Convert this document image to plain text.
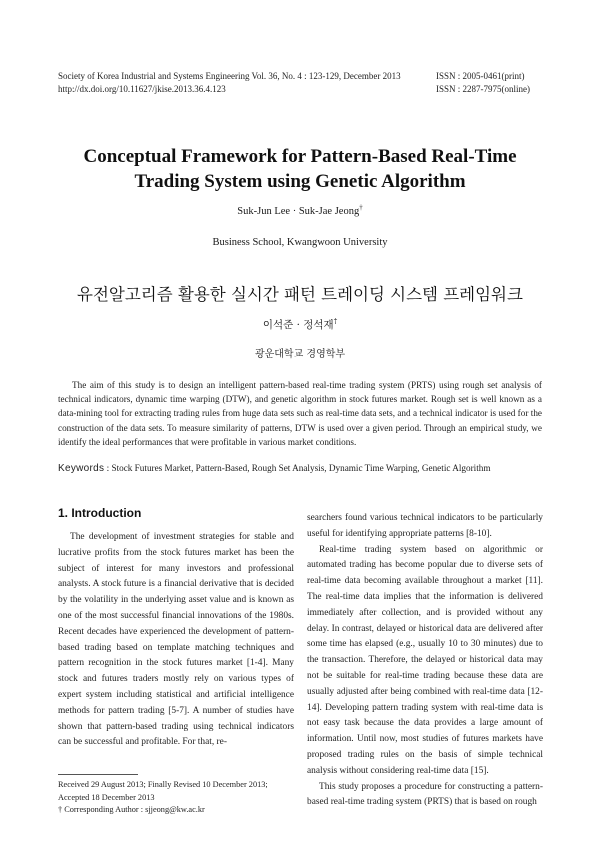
Society of Korea Industrial and Systems Engineering Vol. 36, No. 4 : 123-129, December 2013
http://dx.doi.org/10.11627/jkise.2013.36.4.123
ISSN : 2005-0461(print)
ISSN : 2287-7975(online)
Conceptual Framework for Pattern-Based Real-Time
Trading System using Genetic Algorithm
Suk-Jun Lee · Suk-Jae Jeong†
Business School, Kwangwoon University
유전알고리즘 활용한 실시간 패턴 트레이딩 시스템 프레임워크
이석준 · 정석재†
광운대학교 경영학부
The aim of this study is to design an intelligent pattern-based real-time trading system (PRTS) using rough set analysis of technical indicators, dynamic time warping (DTW), and genetic algorithm in stock futures market. Rough set is well known as a data-mining tool for extracting trading rules from huge data sets such as real-time data sets, and a technical indicator is used for the construction of the data sets. To measure similarity of patterns, DTW is used over a given period. Through an empirical study, we identify the ideal performances that were profitable in various market conditions.
Keywords : Stock Futures Market, Pattern-Based, Rough Set Analysis, Dynamic Time Warping, Genetic Algorithm
1. Introduction

The development of investment strategies for stable and lucrative profits from the stock futures market has been the subject of interest for many investors and professional analysts. A stock future is a financial derivative that is decided by the volatility in the underlying asset value and is known as one of the most successful financial innovations of the 1980s. Recent decades have experienced the development of pattern-based trading based on template matching techniques and pattern recognition in the stock futures market [1-4]. Many stock and futures traders mostly rely on various types of expert system including statistical and artificial intelligence methods for pattern trading [5-7]. A number of studies have shown that pattern-based trading using technical indicators can be successful and profitable. For that, re-

searchers found various technical indicators to be particularly useful for identifying appropriate patterns [8-10].

Real-time trading system based on algorithmic or automated trading has become popular due to diverse sets of real-time data becoming available throughout a market [11]. The real-time data implies that the information is delivered immediately after collection, and is provided without any delay. In contrast, delayed or historical data are delivered after some time has elapsed (e.g., usually 10 to 30 minutes) due to the transaction. Therefore, the delayed or historical data may not be suitable for real-time trading because these data are usually adjusted after being combined with real-time data [12-14]. Developing pattern trading system with real-time data is not easy task because the data provides a large amount of information. Until now, most studies of futures markets have proposed trading rules on the basis of simple technical analysis without considering real-time data [15].

This study proposes a procedure for constructing a pattern-based real-time trading system (PRTS) that is based on rough

Received 29 August 2013; Finally Revised 10 December 2013;
Accepted 18 December 2013
† Corresponding Author : sjjeong@kw.ac.kr
